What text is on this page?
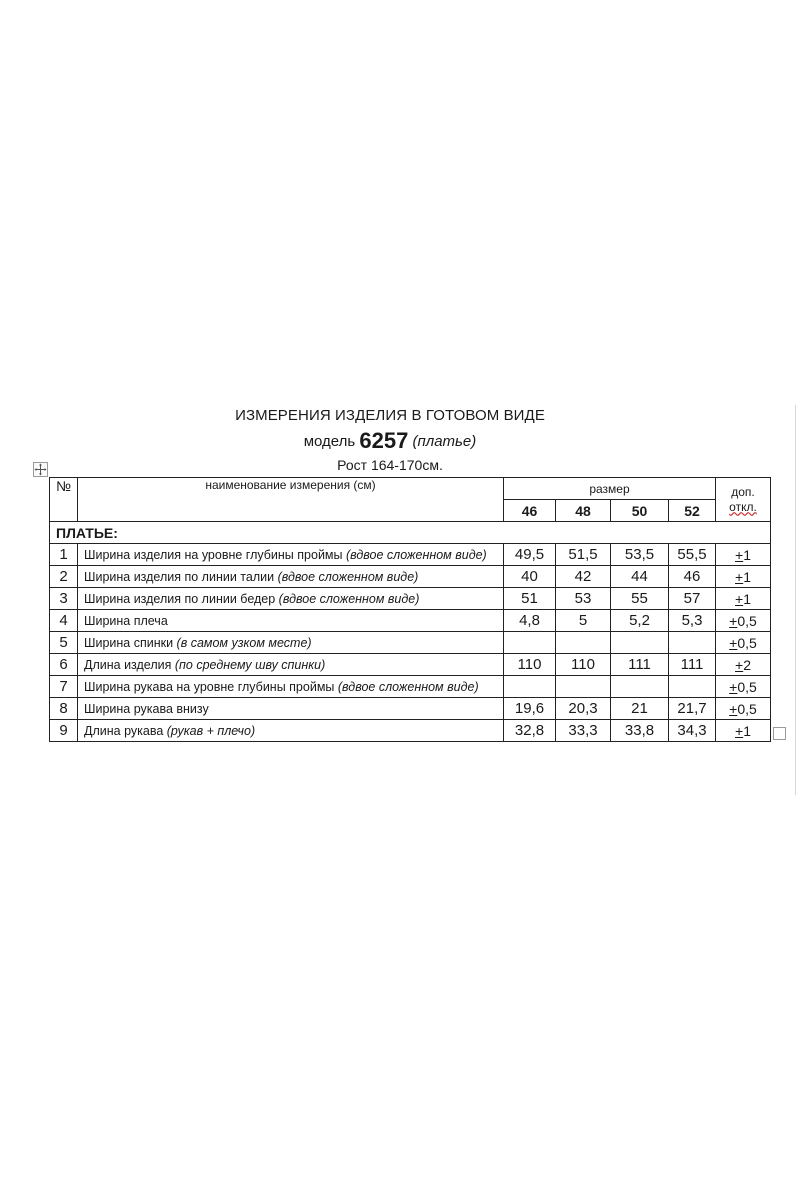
ИЗМЕРЕНИЯ ИЗДЕЛИЯ В ГОТОВОМ ВИДЕ
модель 6257 (платье)
Рост 164-170см.
№	наименование измерения (см)	размер				доп.
откл.
		46	48	50	52	
ПЛАТЬЕ:						
1	Ширина изделия на уровне глубины проймы (вдвое сложенном виде)	49,5	51,5	53,5	55,5	+1
2	Ширина изделия по линии талии (вдвое сложенном виде)	40	42	44	46	+1
3	Ширина изделия по линии бедер (вдвое сложенном виде)	51	53	55	57	+1
4	Ширина плеча	4,8	5	5,2	5,3	+0,5
5	Ширина спинки (в самом узком месте)					+0,5
6	Длина изделия (по среднему шву спинки)	110	110	111	111	+2
7	Ширина рукава на уровне глубины проймы (вдвое сложенном виде)					+0,5
8	Ширина рукава внизу	19,6	20,3	21	21,7	+0,5
9	Длина рукава (рукав + плечо)	32,8	33,3	33,8	34,3	+1
